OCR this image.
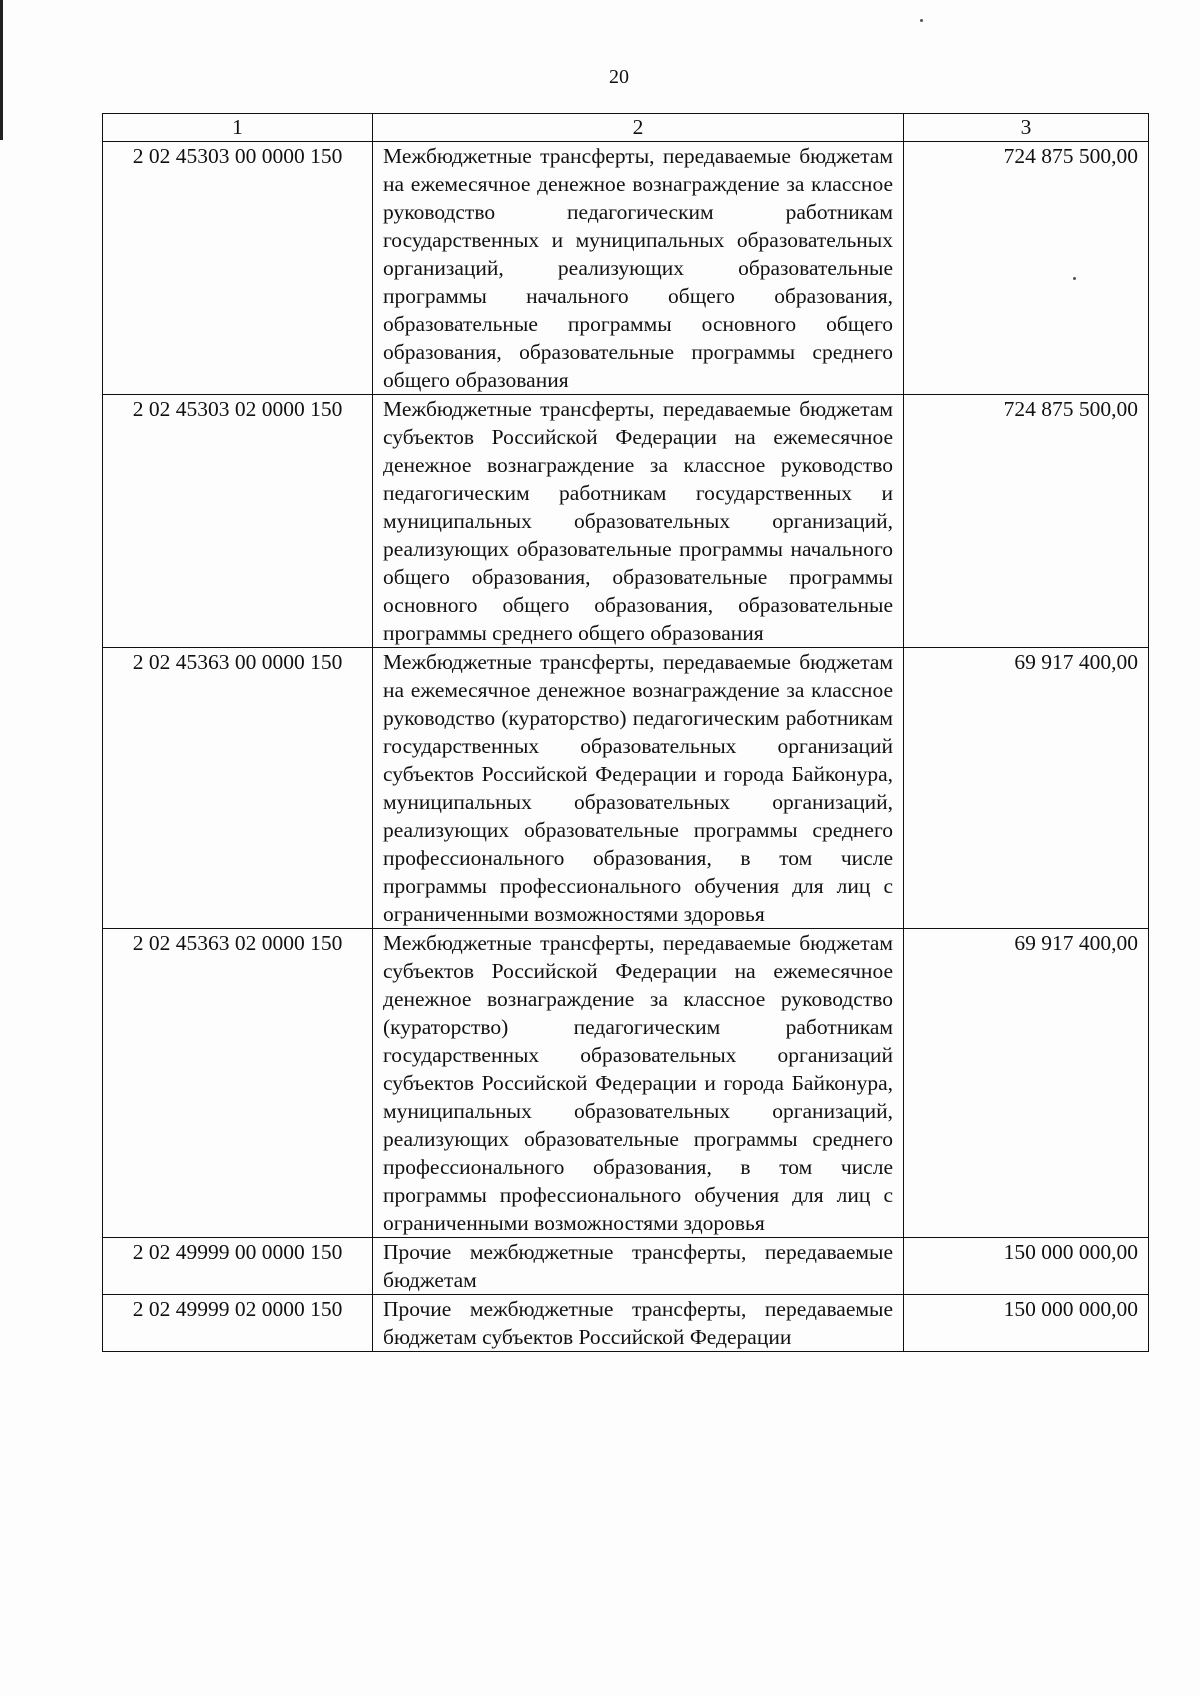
20
1	2	3
2 02 45303 00 0000 150	Межбюджетные трансферты, передаваемые бюджетам на ежемесячное денежное вознаграждение за классное руководство педагогическим работникам государственных и муниципальных образовательных организаций, реализующих образовательные программы начального общего образования, образовательные программы основного общего образования, образовательные программы среднего общего образования	724 875 500,00
2 02 45303 02 0000 150	Межбюджетные трансферты, передаваемые бюджетам субъектов Российской Федерации на ежемесячное денежное вознаграждение за классное руководство педагогическим работникам государственных и муниципальных образовательных организаций, реализующих образовательные программы начального общего образования, образовательные программы основного общего образования, образовательные программы среднего общего образования	724 875 500,00
2 02 45363 00 0000 150	Межбюджетные трансферты, передаваемые бюджетам на ежемесячное денежное вознаграждение за классное руководство (кураторство) педагогическим работникам государственных образовательных организаций субъектов Российской Федерации и города Байконура, муниципальных образовательных организаций, реализующих образовательные программы среднего профессионального образования, в том числе программы профессионального обучения для лиц с ограниченными возможностями здоровья	69 917 400,00
2 02 45363 02 0000 150	Межбюджетные трансферты, передаваемые бюджетам субъектов Российской Федерации на ежемесячное денежное вознаграждение за классное руководство (кураторство) педагогическим работникам государственных образовательных организаций субъектов Российской Федерации и города Байконура, муниципальных образовательных организаций, реализующих образовательные программы среднего профессионального образования, в том числе программы профессионального обучения для лиц с ограниченными возможностями здоровья	69 917 400,00
2 02 49999 00 0000 150	Прочие межбюджетные трансферты, передаваемые бюджетам	150 000 000,00
2 02 49999 02 0000 150	Прочие межбюджетные трансферты, передаваемые бюджетам субъектов Российской Федерации	150 000 000,00
